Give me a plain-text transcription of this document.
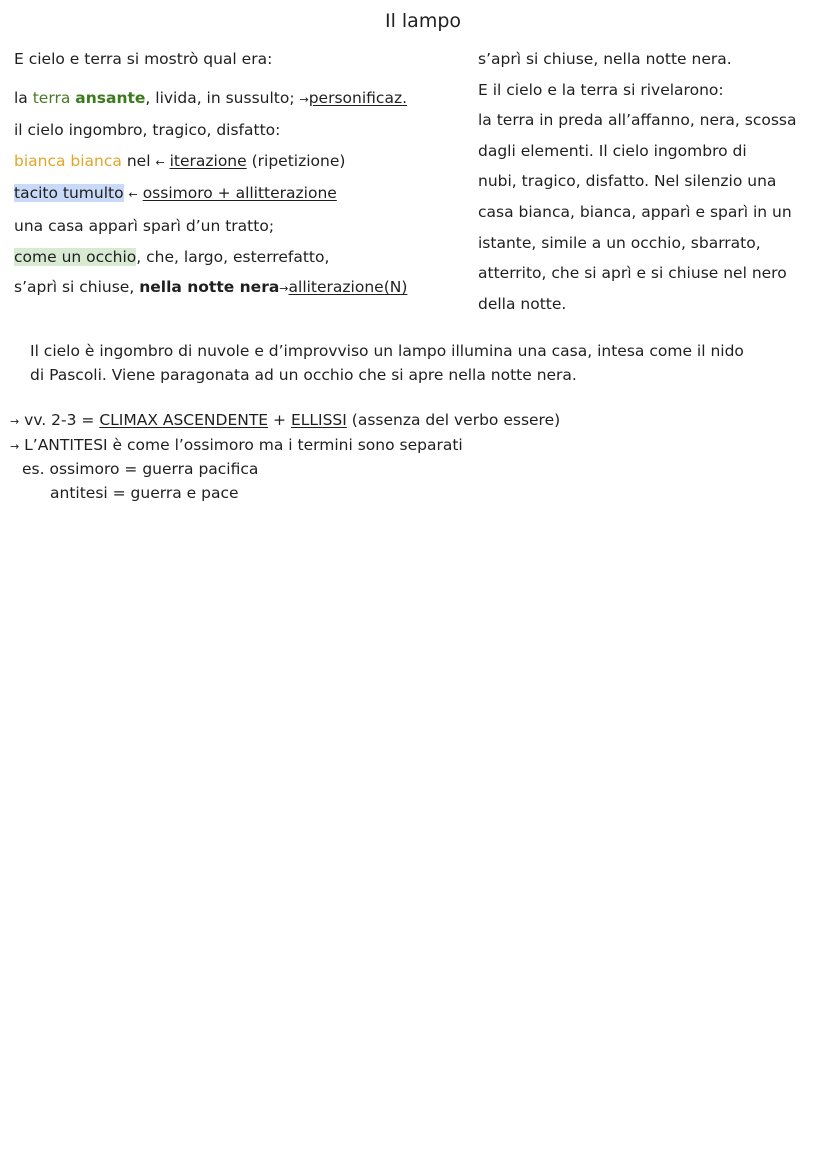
Il lampo
E cielo e terra si mostrò qual era:
la terra ansante, livida, in sussulto; →personificaz.
il cielo ingombro, tragico, disfatto:
bianca bianca nel ← iterazione (ripetizione)
tacito tumulto ← ossimoro + allitterazione
una casa apparì sparì d’un tratto;
come un occhio, che, largo, esterrefatto,
s’aprì si chiuse, nella notte nera→alliterazione(N)
s’aprì si chiuse, nella notte nera.
E il cielo e la terra si rivelarono:
la terra in preda all’affanno, nera, scossa
dagli elementi. Il cielo ingombro di
nubi, tragico, disfatto. Nel silenzio una
casa bianca, bianca, apparì e sparì in un
istante, simile a un occhio, sbarrato,
atterrito, che si aprì e si chiuse nel nero
della notte.
Il cielo è ingombro di nuvole e d’improvviso un lampo illumina una casa, intesa come il nido
di Pascoli. Viene paragonata ad un occhio che si apre nella notte nera.
→ vv. 2-3 = CLIMAX ASCENDENTE + ELLISSI (assenza del verbo essere)
→ L’ANTITESI è come l’ossimoro ma i termini sono separati
es. ossimoro = guerra pacifica
antitesi = guerra e pace
